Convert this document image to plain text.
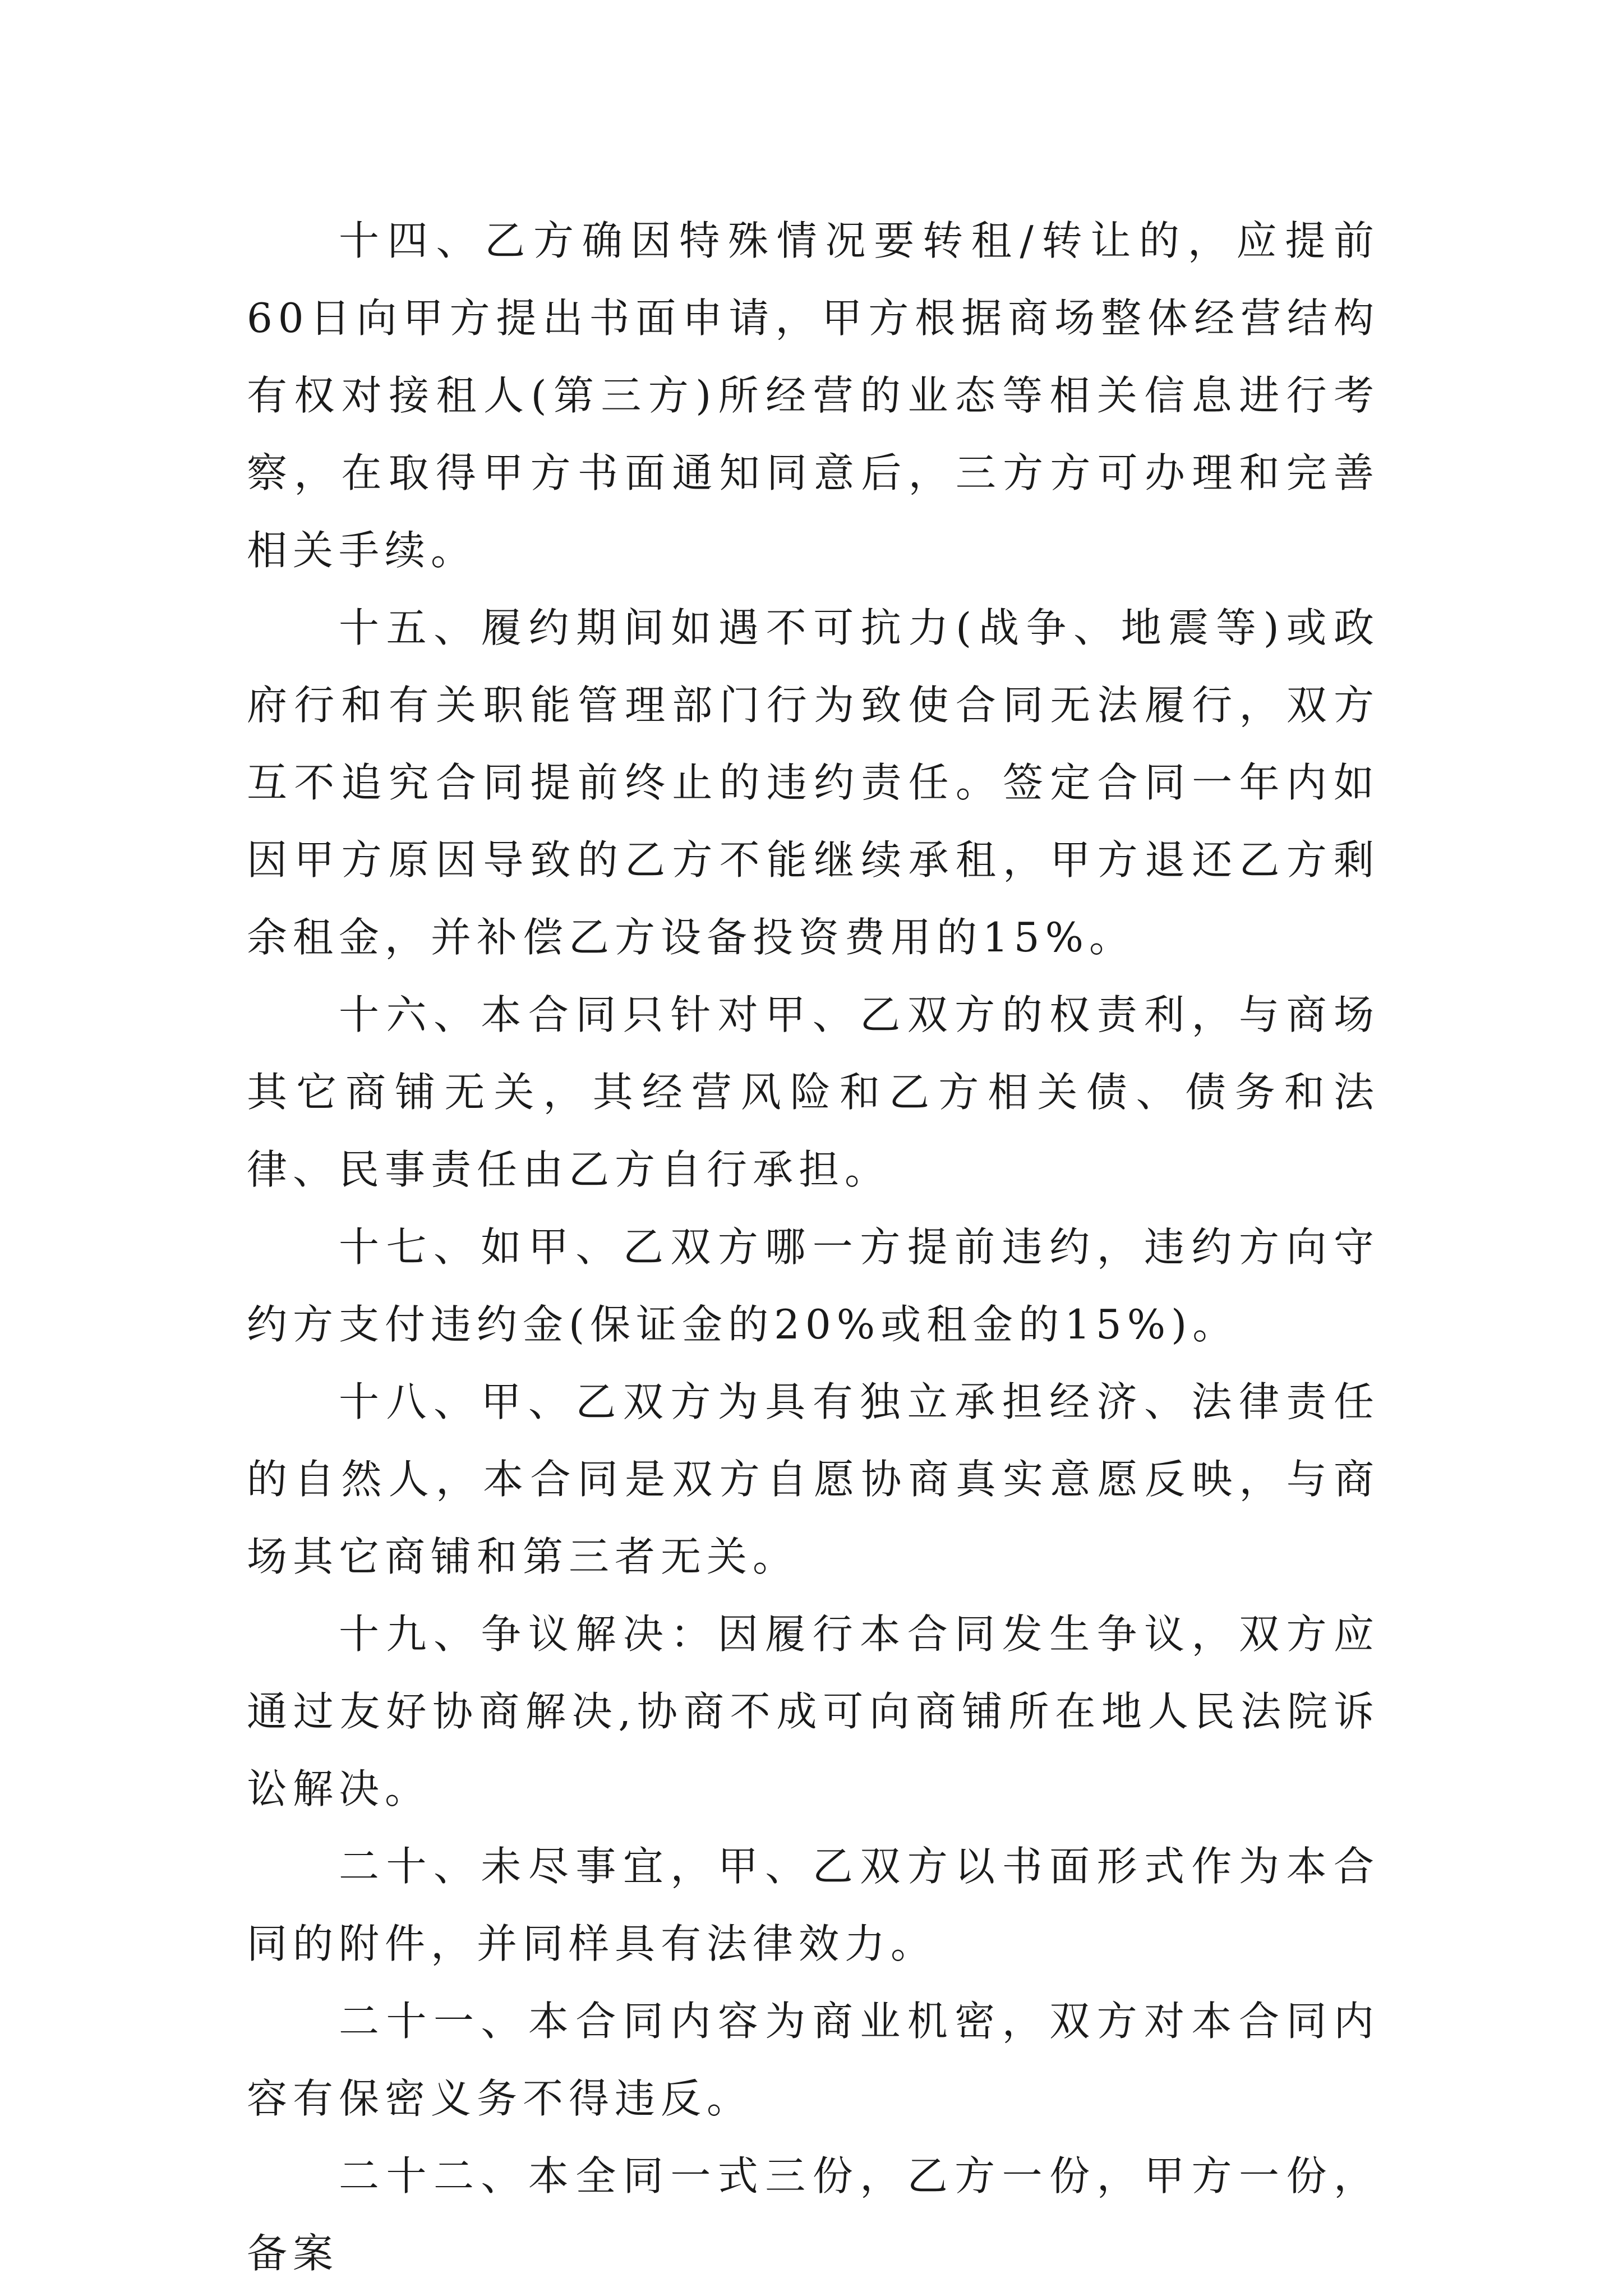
十四、乙方确因特殊情况要转租/转让的，应提前60日向甲方提出书面申请，甲方根据商场整体经营结构有权对接租人(第三方)所经营的业态等相关信息进行考察，在取得甲方书面通知同意后，三方方可办理和完善相关手续。

十五、履约期间如遇不可抗力(战争、地震等)或政府行和有关职能管理部门行为致使合同无法履行，双方互不追究合同提前终止的违约责任。签定合同一年内如因甲方原因导致的乙方不能继续承租，甲方退还乙方剩余租金，并补偿乙方设备投资费用的15%。

十六、本合同只针对甲、乙双方的权责利，与商场其它商铺无关，其经营风险和乙方相关债、债务和法律、民事责任由乙方自行承担。

十七、如甲、乙双方哪一方提前违约，违约方向守约方支付违约金(保证金的20%或租金的15%)。

十八、甲、乙双方为具有独立承担经济、法律责任的自然人，本合同是双方自愿协商真实意愿反映，与商场其它商铺和第三者无关。

十九、争议解决：因履行本合同发生争议，双方应通过友好协商解决,协商不成可向商铺所在地人民法院诉讼解决。

二十、未尽事宜，甲、乙双方以书面形式作为本合同的附件，并同样具有法律效力。

二十一、本合同内容为商业机密，双方对本合同内容有保密义务不得违反。

二十二、本全同一式三份，乙方一份，甲方一份，备案
